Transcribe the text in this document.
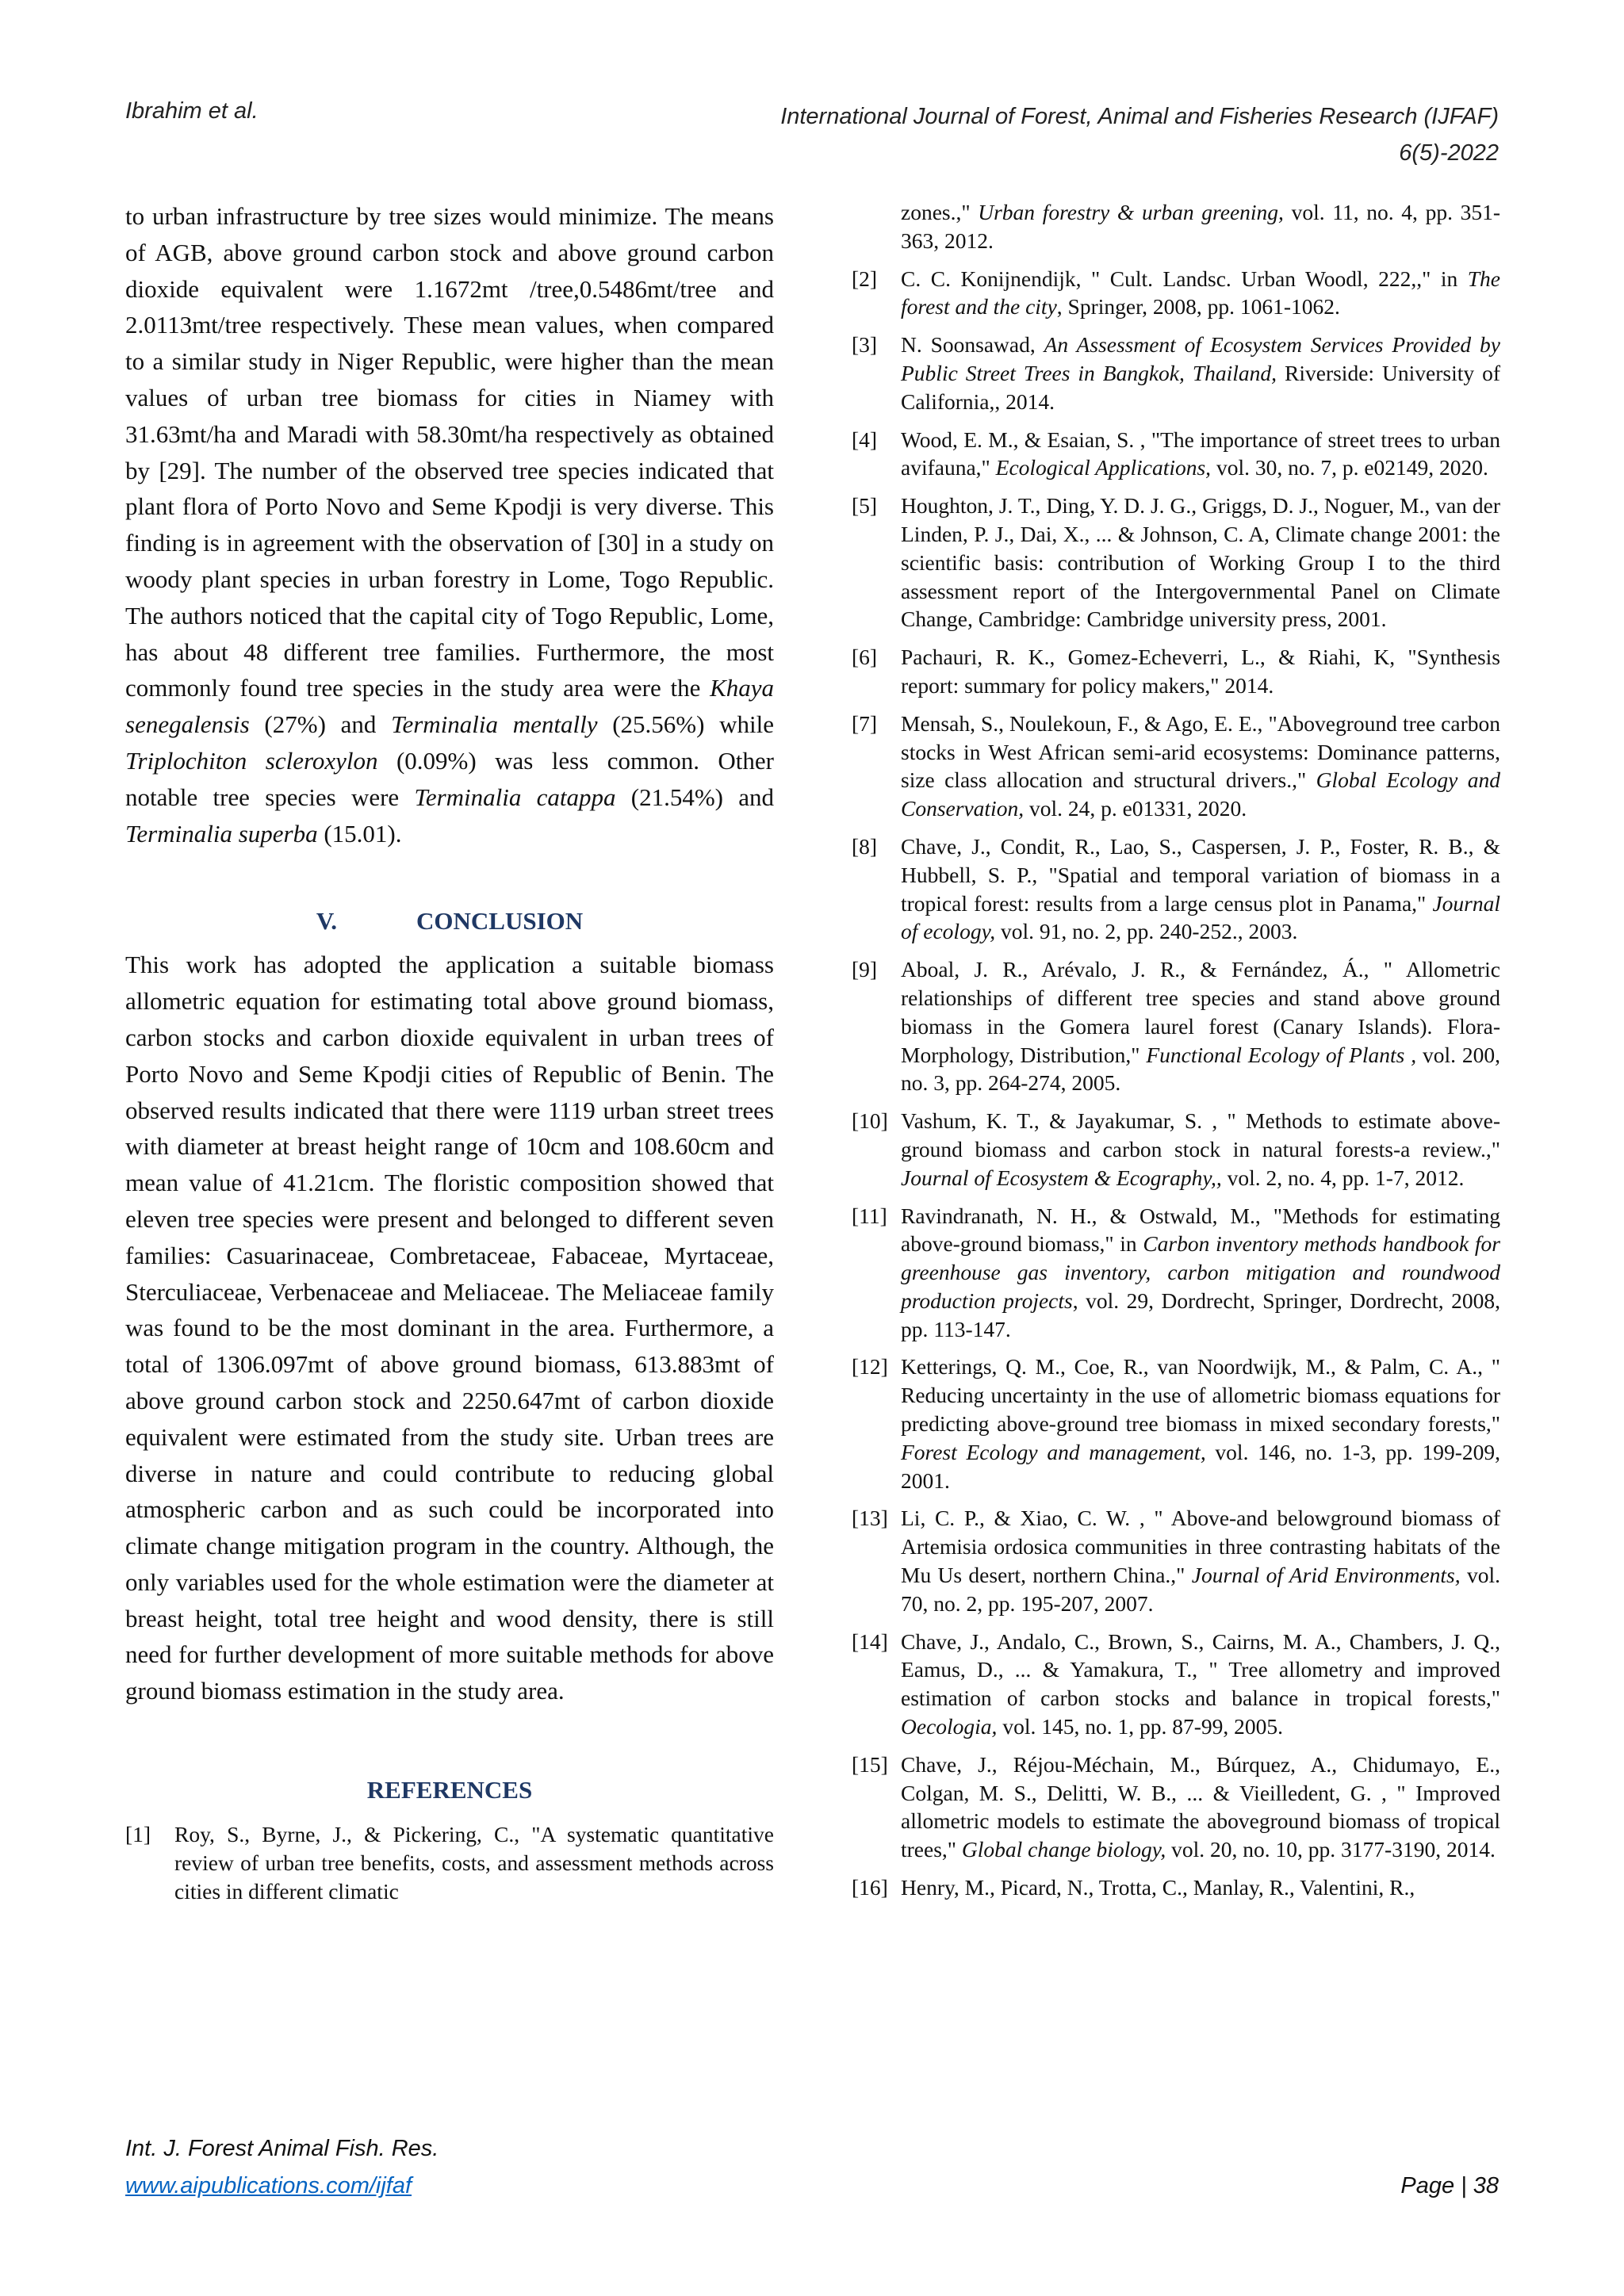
Ibrahim et al.	International Journal of Forest, Animal and Fisheries Research (IJFAF)
6(5)-2022

to urban infrastructure by tree sizes would minimize. The means of AGB, above ground carbon stock and above ground carbon dioxide equivalent were 1.1672mt /tree,0.5486mt/tree and 2.0113mt/tree respectively. These mean values, when compared to a similar study in Niger Republic, were higher than the mean values of urban tree biomass for cities in Niamey with 31.63mt/ha and Maradi with 58.30mt/ha respectively as obtained by [29]. The number of the observed tree species indicated that plant flora of Porto Novo and Seme Kpodji is very diverse. This finding is in agreement with the observation of [30] in a study on woody plant species in urban forestry in Lome, Togo Republic. The authors noticed that the capital city of Togo Republic, Lome, has about 48 different tree families. Furthermore, the most commonly found tree species in the study area were the Khaya senegalensis (27%) and Terminalia mentally (25.56%) while Triplochiton scleroxylon (0.09%) was less common. Other notable tree species were Terminalia catappa (21.54%) and Terminalia superba (15.01).

V.	CONCLUSION

This work has adopted the application a suitable biomass allometric equation for estimating total above ground biomass, carbon stocks and carbon dioxide equivalent in urban trees of Porto Novo and Seme Kpodji cities of Republic of Benin. The observed results indicated that there were 1119 urban street trees with diameter at breast height range of 10cm and 108.60cm and mean value of 41.21cm. The floristic composition showed that eleven tree species were present and belonged to different seven families: Casuarinaceae, Combretaceae, Fabaceae, Myrtaceae, Sterculiaceae, Verbenaceae and Meliaceae. The Meliaceae family was found to be the most dominant in the area. Furthermore, a total of 1306.097mt of above ground biomass, 613.883mt of above ground carbon stock and 2250.647mt of carbon dioxide equivalent were estimated from the study site. Urban trees are diverse in nature and could contribute to reducing global atmospheric carbon and as such could be incorporated into climate change mitigation program in the country. Although, the only variables used for the whole estimation were the diameter at breast height, total tree height and wood density, there is still need for further development of more suitable methods for above ground biomass estimation in the study area.

REFERENCES

[1] Roy, S., Byrne, J., & Pickering, C., "A systematic quantitative review of urban tree benefits, costs, and assessment methods across cities in different climatic

zones.," Urban forestry & urban greening, vol. 11, no. 4, pp. 351-363, 2012.

[2] C. C. Konijnendijk, " Cult. Landsc. Urban Woodl, 222,," in The forest and the city, Springer, 2008, pp. 1061-1062.

[3] N. Soonsawad, An Assessment of Ecosystem Services Provided by Public Street Trees in Bangkok, Thailand, Riverside: University of California,, 2014.

[4] Wood, E. M., & Esaian, S. , "The importance of street trees to urban avifauna," Ecological Applications, vol. 30, no. 7, p. e02149, 2020.

[5] Houghton, J. T., Ding, Y. D. J. G., Griggs, D. J., Noguer, M., van der Linden, P. J., Dai, X., ... & Johnson, C. A, Climate change 2001: the scientific basis: contribution of Working Group I to the third assessment report of the Intergovernmental Panel on Climate Change, Cambridge: Cambridge university press, 2001.

[6] Pachauri, R. K., Gomez-Echeverri, L., & Riahi, K, "Synthesis report: summary for policy makers," 2014.

[7] Mensah, S., Noulekoun, F., & Ago, E. E., "Aboveground tree carbon stocks in West African semi-arid ecosystems: Dominance patterns, size class allocation and structural drivers.," Global Ecology and Conservation, vol. 24, p. e01331, 2020.

[8] Chave, J., Condit, R., Lao, S., Caspersen, J. P., Foster, R. B., & Hubbell, S. P., "Spatial and temporal variation of biomass in a tropical forest: results from a large census plot in Panama," Journal of ecology, vol. 91, no. 2, pp. 240-252., 2003.

[9] Aboal, J. R., Arévalo, J. R., & Fernández, Á., " Allometric relationships of different tree species and stand above ground biomass in the Gomera laurel forest (Canary Islands). Flora-Morphology, Distribution," Functional Ecology of Plants , vol. 200, no. 3, pp. 264-274, 2005.

[10] Vashum, K. T., & Jayakumar, S. , " Methods to estimate above-ground biomass and carbon stock in natural forests-a review.," Journal of Ecosystem & Ecography,, vol. 2, no. 4, pp. 1-7, 2012.

[11] Ravindranath, N. H., & Ostwald, M., "Methods for estimating above-ground biomass," in Carbon inventory methods handbook for greenhouse gas inventory, carbon mitigation and roundwood production projects, vol. 29, Dordrecht, Springer, Dordrecht, 2008, pp. 113-147.

[12] Ketterings, Q. M., Coe, R., van Noordwijk, M., & Palm, C. A., " Reducing uncertainty in the use of allometric biomass equations for predicting above-ground tree biomass in mixed secondary forests," Forest Ecology and management, vol. 146, no. 1-3, pp. 199-209, 2001.

[13] Li, C. P., & Xiao, C. W. , " Above-and belowground biomass of Artemisia ordosica communities in three contrasting habitats of the Mu Us desert, northern China.," Journal of Arid Environments, vol. 70, no. 2, pp. 195-207, 2007.

[14] Chave, J., Andalo, C., Brown, S., Cairns, M. A., Chambers, J. Q., Eamus, D., ... & Yamakura, T., " Tree allometry and improved estimation of carbon stocks and balance in tropical forests," Oecologia, vol. 145, no. 1, pp. 87-99, 2005.

[15] Chave, J., Réjou-Méchain, M., Búrquez, A., Chidumayo, E., Colgan, M. S., Delitti, W. B., ... & Vieilledent, G. , " Improved allometric models to estimate the aboveground biomass of tropical trees," Global change biology, vol. 20, no. 10, pp. 3177-3190, 2014.

[16] Henry, M., Picard, N., Trotta, C., Manlay, R., Valentini, R.,

Int. J. Forest Animal Fish. Res.
www.aipublications.com/ijfaf	Page | 38
